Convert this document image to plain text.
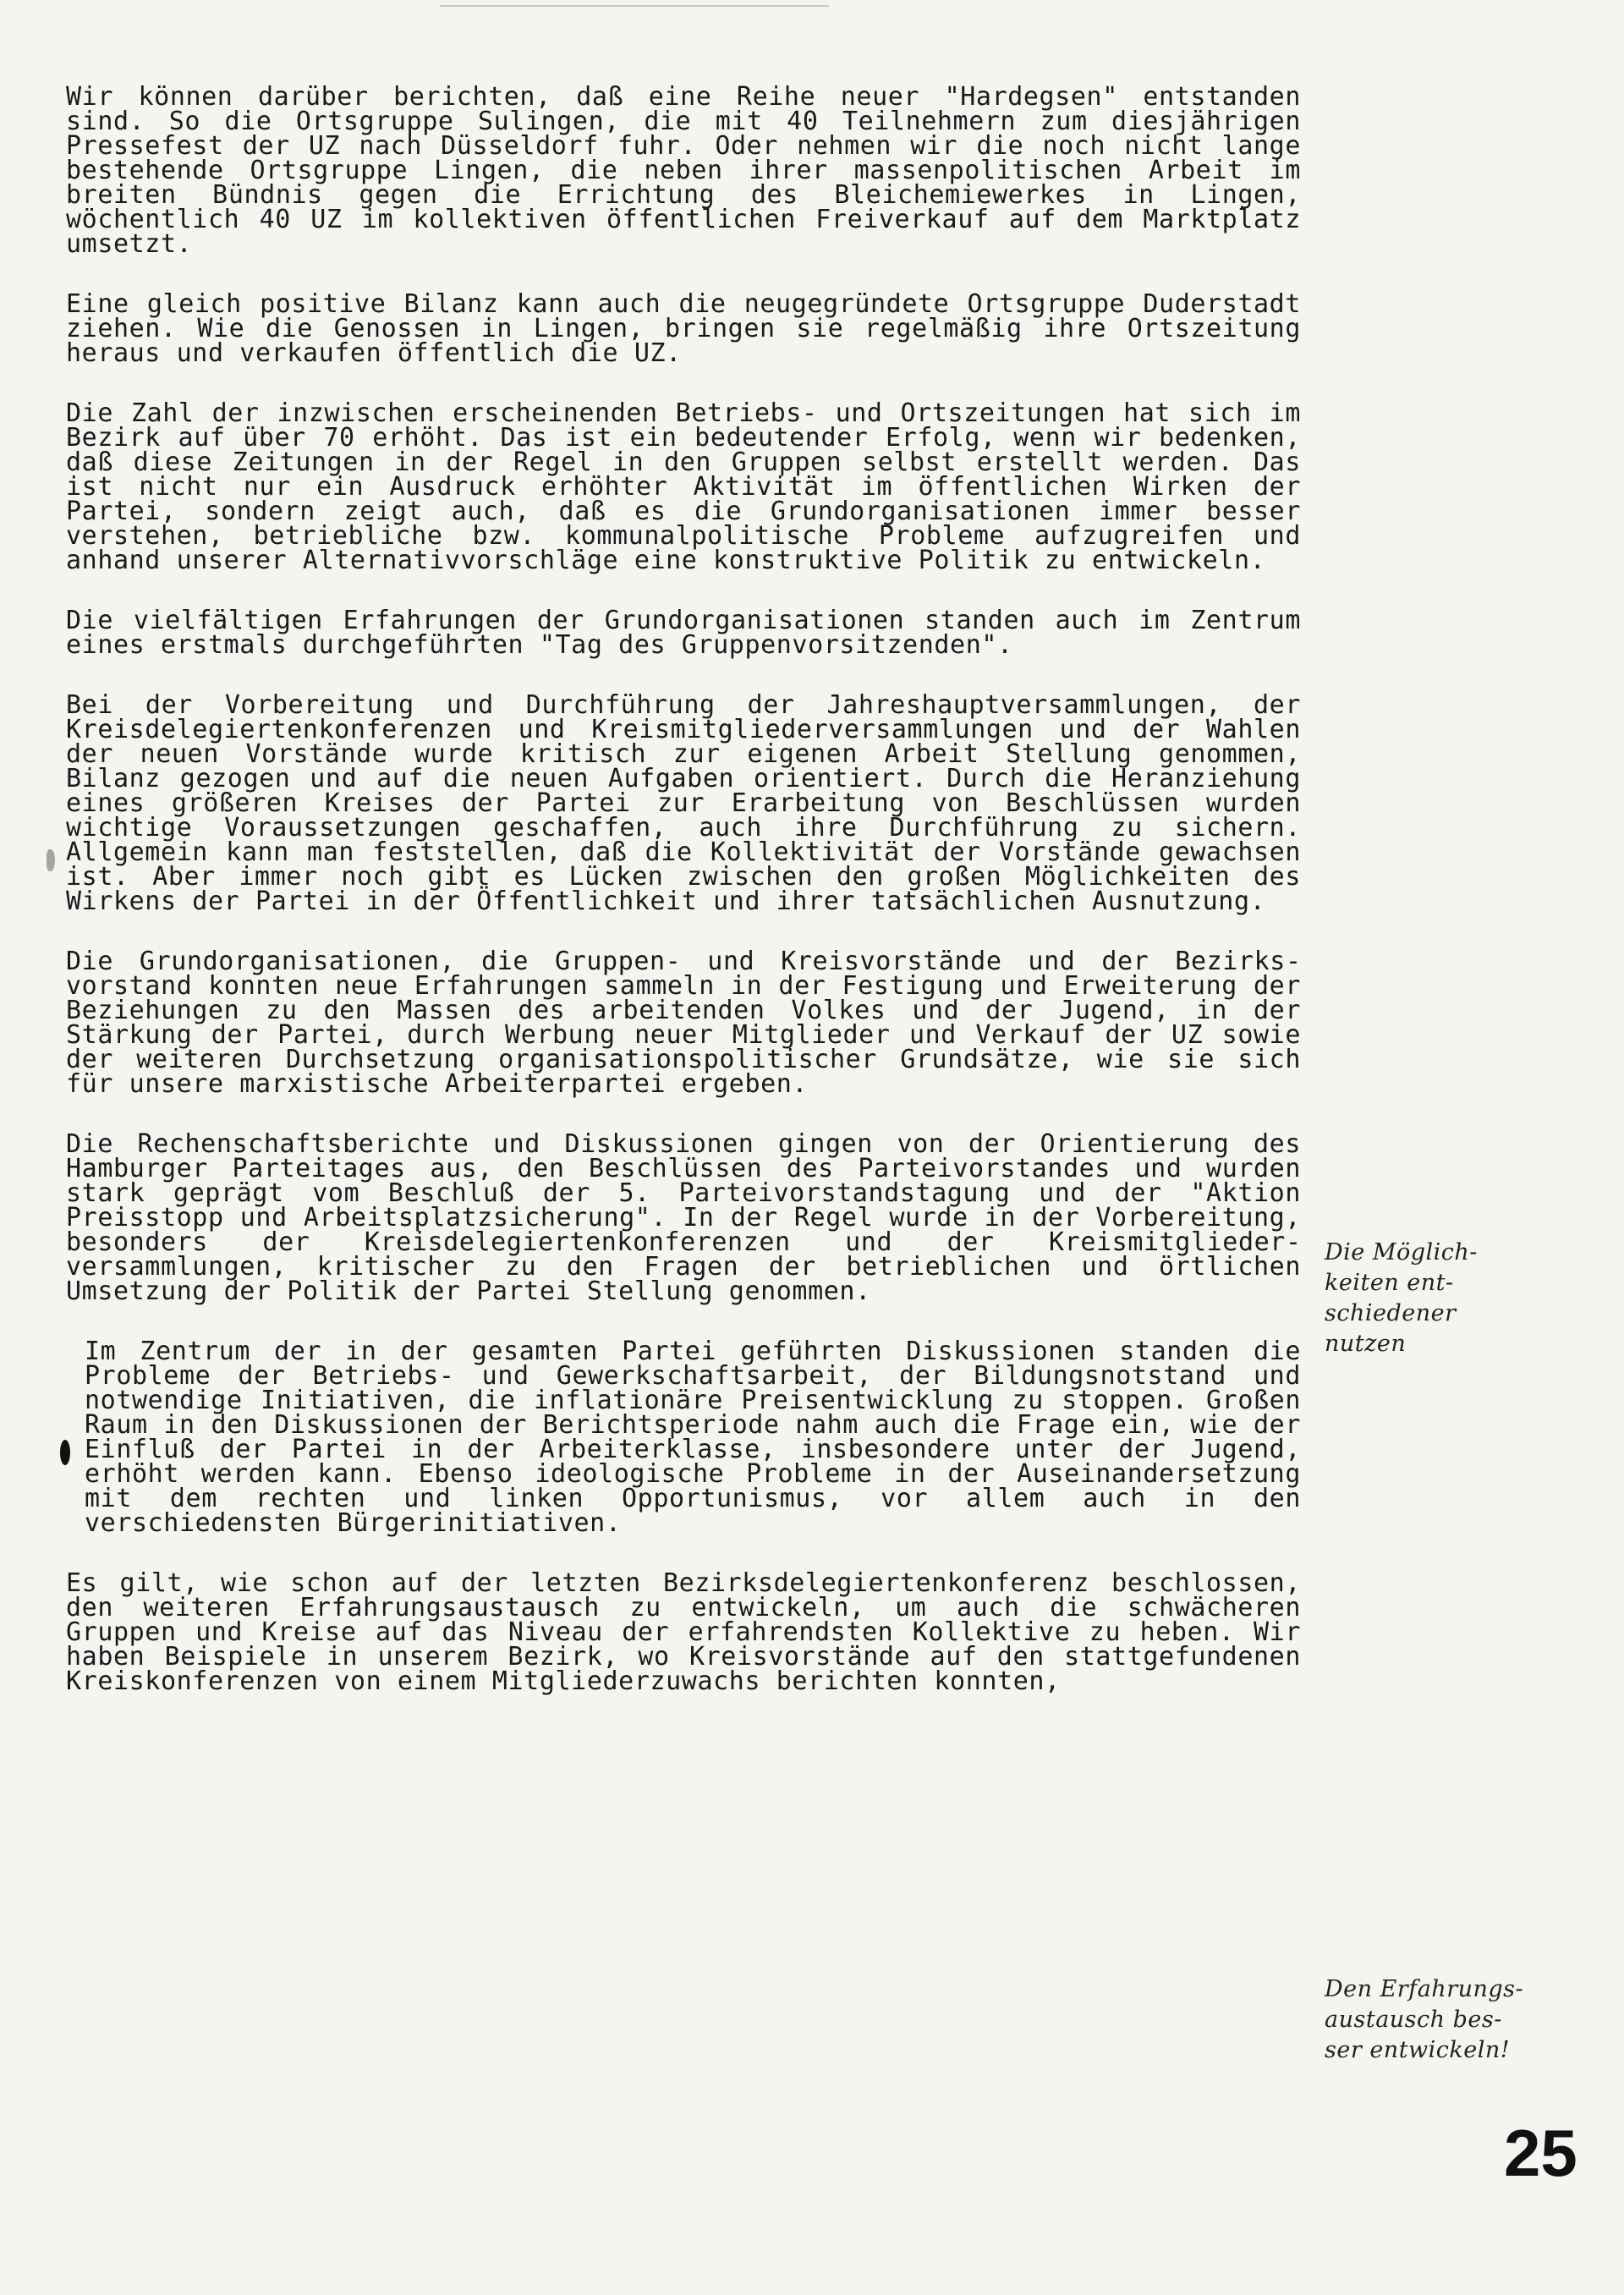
Wir können darüber berichten, daß eine Reihe neuer "Hardegsen" entstanden sind. So die Ortsgruppe Sulingen, die mit 40 Teilnehmern zum diesjährigen Pressefest der UZ nach Düsseldorf fuhr. Oder nehmen wir die noch nicht lange bestehende Ortsgruppe Lingen, die neben ihrer massenpolitischen Arbeit im breiten Bündnis gegen die Errichtung des Bleichemiewerkes in Lingen, wöchentlich 40 UZ im kollektiven öffentlichen Freiverkauf auf dem Marktplatz umsetzt.

Eine gleich positive Bilanz kann auch die neugegründete Ortsgruppe Duderstadt ziehen. Wie die Genossen in Lingen, bringen sie regelmäßig ihre Ortszeitung heraus und verkaufen öffentlich die UZ.

Die Zahl der inzwischen erscheinenden Betriebs- und Ortszeitungen hat sich im Bezirk auf über 70 erhöht. Das ist ein bedeutender Erfolg, wenn wir bedenken, daß diese Zeitungen in der Regel in den Gruppen selbst erstellt werden. Das ist nicht nur ein Ausdruck erhöhter Aktivität im öffentlichen Wirken der Partei, sondern zeigt auch, daß es die Grundorganisationen immer besser verstehen, betriebliche bzw. kommunalpolitische Probleme aufzugreifen und anhand unserer Alternativvorschläge eine konstruktive Politik zu entwickeln.

Die vielfältigen Erfahrungen der Grundorganisationen standen auch im Zentrum eines erstmals durchgeführten "Tag des Gruppenvorsitzenden".

Bei der Vorbereitung und Durchführung der Jahreshauptversammlungen, der Kreisdelegiertenkonferenzen und Kreismitgliederversammlungen und der Wahlen der neuen Vorstände wurde kritisch zur eigenen Arbeit Stellung genommen, Bilanz gezogen und auf die neuen Aufgaben orientiert. Durch die Heranziehung eines größeren Kreises der Partei zur Erarbeitung von Beschlüssen wurden wichtige Voraussetzungen geschaffen, auch ihre Durchführung zu sichern. Allgemein kann man feststellen, daß die Kollektivität der Vorstände gewachsen ist. Aber immer noch gibt es Lücken zwischen den großen Möglichkeiten des Wirkens der Partei in der Öffentlichkeit und ihrer tatsächlichen Ausnutzung.

Die Grundorganisationen, die Gruppen- und Kreisvorstände und der Bezirksvorstand konnten neue Erfahrungen sammeln in der Festigung und Erweiterung der Beziehungen zu den Massen des arbeitenden Volkes und der Jugend, in der Stärkung der Partei, durch Werbung neuer Mitglieder und Verkauf der UZ sowie der weiteren Durchsetzung organisationspolitischer Grundsätze, wie sie sich für unsere marxistische Arbeiterpartei ergeben.

Die Rechenschaftsberichte und Diskussionen gingen von der Orientierung des Hamburger Parteitages aus, den Beschlüssen des Parteivorstandes und wurden stark geprägt vom Beschluß der 5. Parteivorstandstagung und der "Aktion Preisstopp und Arbeitsplatzsicherung". In der Regel wurde in der Vorbereitung, besonders der Kreisdelegiertenkonferenzen und der Kreismitgliederversammlungen, kritischer zu den Fragen der betrieblichen und örtlichen Umsetzung der Politik der Partei Stellung genommen.

Im Zentrum der in der gesamten Partei geführten Diskussionen standen die Probleme der Betriebs- und Gewerkschaftsarbeit, der Bildungsnotstand und notwendige Initiativen, die inflationäre Preisentwicklung zu stoppen. Großen Raum in den Diskussionen der Berichtsperiode nahm auch die Frage ein, wie der Einfluß der Partei in der Arbeiterklasse, insbesondere unter der Jugend, erhöht werden kann. Ebenso ideologische Probleme in der Auseinandersetzung mit dem rechten und linken Opportunismus, vor allem auch in den verschiedensten Bürgerinitiativen.

Es gilt, wie schon auf der letzten Bezirksdelegiertenkonferenz beschlossen, den weiteren Erfahrungsaustausch zu entwickeln, um auch die schwächeren Gruppen und Kreise auf das Niveau der erfahrendsten Kollektive zu heben. Wir haben Beispiele in unserem Bezirk, wo Kreisvorstände auf den stattgefundenen Kreiskonferenzen von einem Mitgliederzuwachs berichten konnten,

Die Möglich-
keiten ent-
schiedener
nutzen
Den Erfahrungs-
austausch bes-
ser entwickeln!
25
